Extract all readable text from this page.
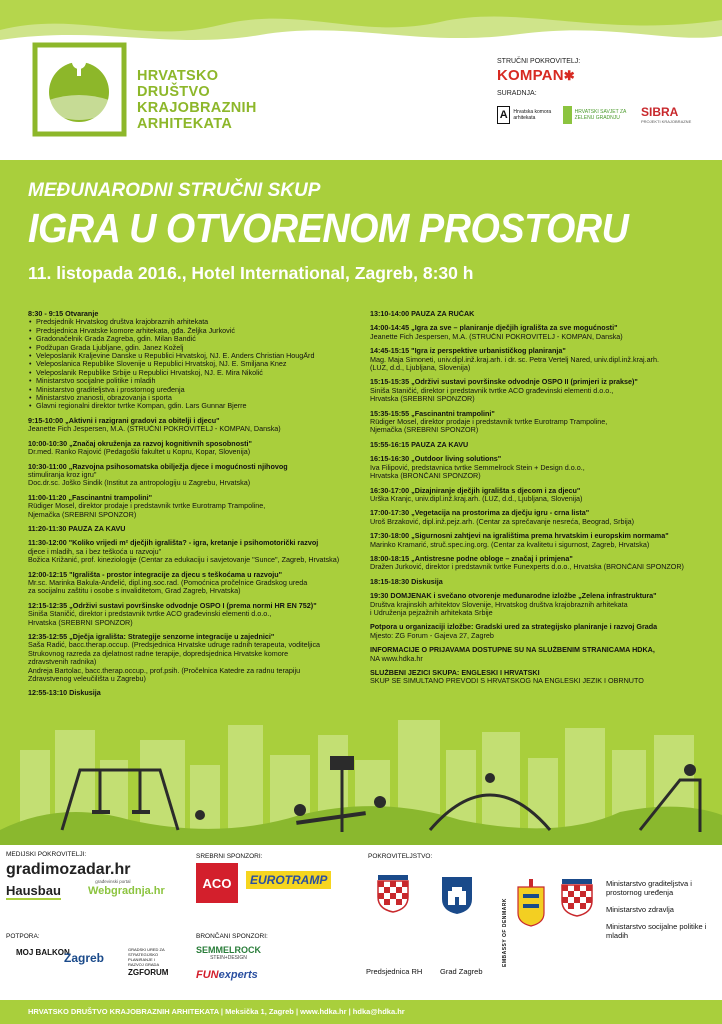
HRVATSKO
DRUŠTVO
KRAJOBRAZNIH
ARHITEKATA
STRUČNI POKROVITELJ:
KOMPAN✱
SURADNJA:
A	Hrvatska komora arhitekata
HRVATSKI SAVJET ZA ZELENU GRADNJU	SIBRA
PROJEKTI KRAJOBRAZNE
MEĐUNARODNI STRUČNI SKUP
IGRA U OTVORENOM PROSTORU
11. listopada 2016., Hotel International, Zagreb, 8:30 h
8:30 - 9:15 Otvaranje
• Predsjednik Hrvatskog društva krajobraznih arhitekata
• Predsjednica Hrvatske komore arhitekata, gđa. Željka Jurković
• Gradonačelnik Grada Zagreba, gdin. Milan Bandić
• Podžupan Grada Ljubljane, gdin. Janez Koželj
• Veleposlanik Kraljevine Danske u Republici Hrvatskoj, NJ. E. Anders Christian HougÅrd
• Veleposlanica Republike Slovenije u Republici Hrvatskoj, NJ. E. Smiljana Knez
• Veleposlanik Republike Srbije u Republici Hrvatskoj, NJ. E. Mira Nikolić
• Ministarstvo socijalne politike i mladih
• Ministarstvo graditeljstva i prostornog uređenja
• Ministarstvo znanosti, obrazovanja i sporta
• Glavni regionalni direktor tvrtke Kompan, gdin. Lars Gunnar Bjerre
9:15-10:00 „Aktivni i razigrani gradovi za obitelji i djecu"
Jeanette Fich Jespersen, M.A. (STRUČNI POKROVITELJ - KOMPAN, Danska)
10:00-10:30 „Značaj okruženja za razvoj kognitivnih sposobnosti"
Dr.med. Ranko Rajović (Pedagoški fakultet u Kopru, Kopar, Slovenija)
10:30-11:00 „Razvojna psihosomatska obilježja djece i mogućnosti njihovog
stimuliranja kroz igru"
Doc.dr.sc. Joško Sindik (Institut za antropologiju u Zagrebu, Hrvatska)
11:00-11:20 „Fascinantni trampolini"
Rüdiger Mosel, direktor prodaje i predstavnik tvrtke Eurotramp Trampoline,
Njemačka (SREBRNI SPONZOR)
11:20-11:30 PAUZA ZA KAVU
11:30-12:00 "Koliko vrijedi m² dječjih igrališta? - igra, kretanje i psihomotorički razvoj
djece i mladih, sa i bez teškoća u razvoju"
Božica Križanić, prof. kineziologije (Centar za edukaciju i savjetovanje "Sunce", Zagreb, Hrvatska)
12:00-12:15 "Igrališta - prostor integracije za djecu s teškoćama u razvoju"
Mr.sc. Marinka Bakula-Anđelić, dipl.ing.soc.rad. (Pomoćnica pročelnice Gradskog ureda
za socijalnu zaštitu i osobe s invaliditetom, Grad Zagreb, Hrvatska)
12:15-12:35 „Održivi sustavi površinske odvodnje OSPO I (prema normi HR EN 752)"
Siniša Staničić, direktor i predstavnik tvrtke ACO građevinski elementi d.o.o.,
Hrvatska (SREBRNI SPONZOR)
12:35-12:55 „Dječja igrališta: Strategije senzorne integracije u zajednici"
Saša Radić, bacc.therap.occup. (Predsjednica Hrvatske udruge radnih terapeuta, voditeljica
Strukovnog razreda za djelatnost radne terapije, dopredsjednica Hrvatske komore
zdravstvenih radnika)
Andreja Bartolac, bacc.therap.occup., prof.psih. (Pročelnica Katedre za radnu terapiju
Zdravstvenog veleučilišta u Zagrebu)
12:55-13:10 Diskusija
13:10-14:00 PAUZA ZA RUČAK
14:00-14:45 „Igra za sve – planiranje dječjih igrališta za sve mogućnosti"
Jeanette Fich Jespersen, M.A. (STRUČNI POKROVITELJ - KOMPAN, Danska)
14:45-15:15 "Igra iz perspektive urbanističkog planiranja"
Mag. Maja Simoneti, univ.dipl.inž.kraj.arh. i dr. sc. Petra Vertelj Nared, univ.dipl.inž.kraj.arh.
(LUZ, d.d., Ljubljana, Slovenija)
15:15-15:35 „Održivi sustavi površinske odvodnje OSPO II (primjeri iz prakse)"
Siniša Staničić, direktor i predstavnik tvrtke ACO građevinski elementi d.o.o.,
Hrvatska (SREBRNI SPONZOR)
15:35-15:55 „Fascinantni trampolini"
Rüdiger Mosel, direktor prodaje i predstavnik tvrtke Eurotramp Trampoline,
Njemačka (SREBRNI SPONZOR)
15:55-16:15 PAUZA ZA KAVU
16:15-16:30 „Outdoor living solutions"
Iva Filipović, predstavnica tvrtke Semmelrock Stein + Design d.o.o.,
Hrvatska (BRONČANI SPONZOR)
16:30-17:00 „Dizajniranje dječjih igrališta s djecom i za djecu"
Urška Kranjc, univ.dipl.inž.kraj.arh. (LUZ, d.d., Ljubljana, Slovenija)
17:00-17:30 „Vegetacija na prostorima za dječju igru - crna lista"
Uroš Brzaković, dipl.inž.pejz.arh. (Centar za sprečavanje nesreća, Beograd, Srbija)
17:30-18:00 „Sigurnosni zahtjevi na igralištima prema hrvatskim i europskim normama"
Marinko Kramarić, struč.spec.ing.org. (Centar za kvalitetu i sigurnost, Zagreb, Hrvatska)
18:00-18:15 „Antistresne podne obloge – značaj i primjena"
Dražen Jurković, direktor i predstavnik tvrtke Funexperts d.o.o., Hrvatska (BRONČANI SPONZOR)
18:15-18:30 Diskusija
19:30 DOMJENAK i svečano otvorenje međunarodne izložbe „Zelena infrastruktura"
Društva krajinskih arhitektov Slovenije, Hrvatskog društva krajobraznih arhitekata
i Udruženja pejzažnih arhitekata Srbije
Potpora u organizaciji izložbe: Gradski ured za strategijsko planiranje i razvoj Grada
Mjesto: ZG Forum - Gajeva 27, Zagreb
INFORMACIJE O PRIJAVAMA DOSTUPNE SU NA SLUŽBENIM STRANICAMA HDKA,
NA www.hdka.hr
SLUŽBENI JEZICI SKUPA: ENGLESKI I HRVATSKI
SKUP SE SIMULTANO PREVODI S HRVATSKOG NA ENGLESKI JEZIK I OBRNUTO
MEDIJSKI POKROVITELJI:
gradimozadar.hr
građevinski portal
Hausbau Webgradnja.hr
POTPORA:
MOJ BALKON
Zagreb
GRADSKI URED ZA STRATEGIJSKO PLANIRANJE I RAZVOJ GRADA
ZGFORUM
SREBRNI SPONZORI:
ACO	EUROTRAMP
BRONČANI SPONZORI:
SEMMELROCK
STEIN+DESIGN
FUNexperts
POKROVITELJSTVO:
Predsjednica RH Grad Zagreb
EMBASSY OF DENMARK
Ministarstvo graditeljstva i prostornog uređenja
Ministarstvo zdravlja
Ministarstvo socijalne politike i mladih
HRVATSKO DRUŠTVO KRAJOBRAZNIH ARHITEKATA | Meksička 1, Zagreb | www.hdka.hr | hdka@hdka.hr
